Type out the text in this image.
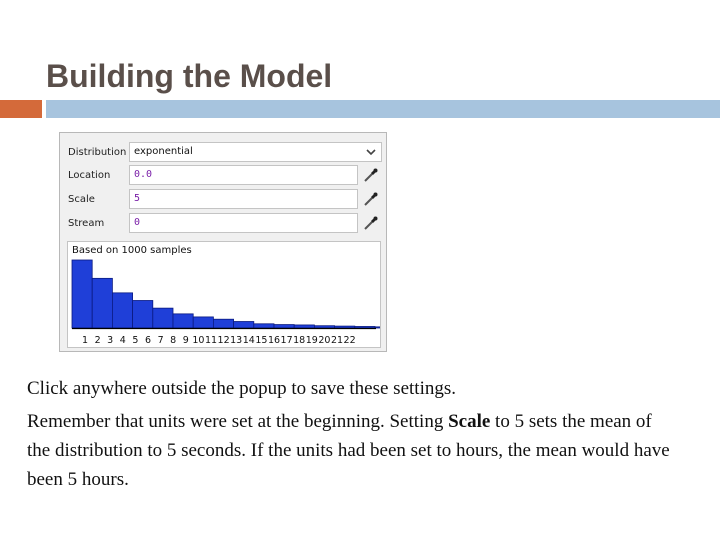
Building the Model
Distribution exponential
Location	0.0
Scale	5
Stream	0
Based on 1000 samples
1 2 3 4 5 6 7 8 9 10 11 12 13 14 15 16 17 18 19 20 21 22
Click anywhere outside the popup to save these settings.
Remember that units were set at the beginning. Setting Scale to 5 sets the mean of the distribution to 5 seconds. If the units had been set to hours, the mean would have been 5 hours.
